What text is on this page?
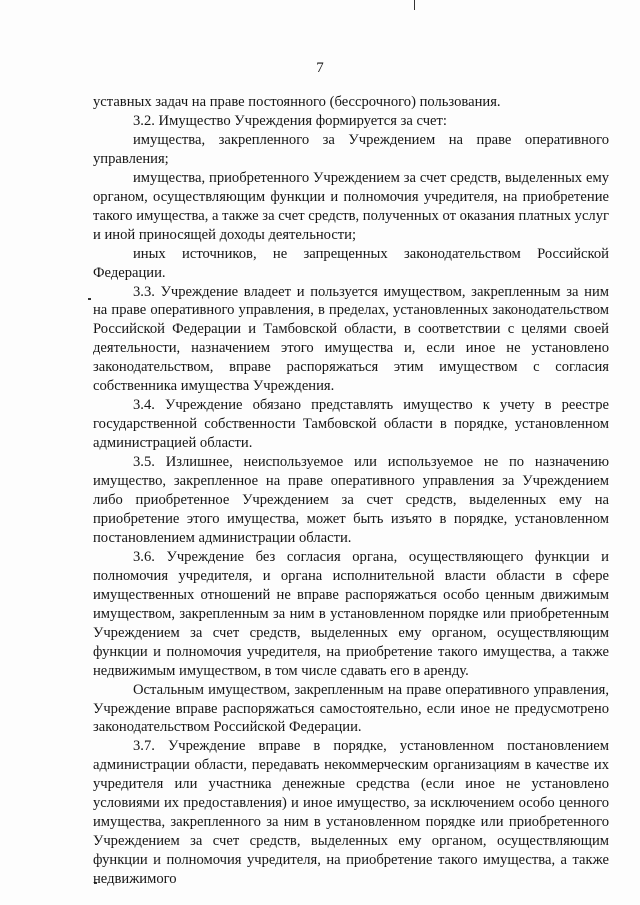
7

уставных задач на праве постоянного (бессрочного) пользования.

3.2. Имущество Учреждения формируется за счет:

имущества, закрепленного за Учреждением на праве оперативного управления;

имущества, приобретенного Учреждением за счет средств, выделенных ему органом, осуществляющим функции и полномочия учредителя, на приобретение такого имущества, а также за счет средств, полученных от оказания платных услуг и иной приносящей доходы деятельности;

иных источников, не запрещенных законодательством Российской Федерации.

3.3. Учреждение владеет и пользуется имуществом, закрепленным за ним на праве оперативного управления, в пределах, установленных законодательством Российской Федерации и Тамбовской области, в соответствии с целями своей деятельности, назначением этого имущества и, если иное не установлено законодательством, вправе распоряжаться этим имуществом с согласия собственника имущества Учреждения.

3.4. Учреждение обязано представлять имущество к учету в реестре государственной собственности Тамбовской области в порядке, установленном администрацией области.

3.5. Излишнее, неиспользуемое или используемое не по назначению имущество, закрепленное на праве оперативного управления за Учреждением либо приобретенное Учреждением за счет средств, выделенных ему на приобретение этого имущества, может быть изъято в порядке, установленном постановлением администрации области.

3.6. Учреждение без согласия органа, осуществляющего функции и полномочия учредителя, и органа исполнительной власти области в сфере имущественных отношений не вправе распоряжаться особо ценным движимым имуществом, закрепленным за ним в установленном порядке или приобретенным Учреждением за счет средств, выделенных ему органом, осуществляющим функции и полномочия учредителя, на приобретение такого имущества, а также недвижимым имуществом, в том числе сдавать его в аренду.

Остальным имуществом, закрепленным на праве оперативного управления, Учреждение вправе распоряжаться самостоятельно, если иное не предусмотрено законодательством Российской Федерации.

3.7. Учреждение вправе в порядке, установленном постановлением администрации области, передавать некоммерческим организациям в качестве их учредителя или участника денежные средства (если иное не установлено условиями их предоставления) и иное имущество, за исключением особо ценного имущества, закрепленного за ним в установленном порядке или приобретенного Учреждением за счет средств, выделенных ему органом, осуществляющим функции и полномочия учредителя, на приобретение такого имущества, а также недвижимого
